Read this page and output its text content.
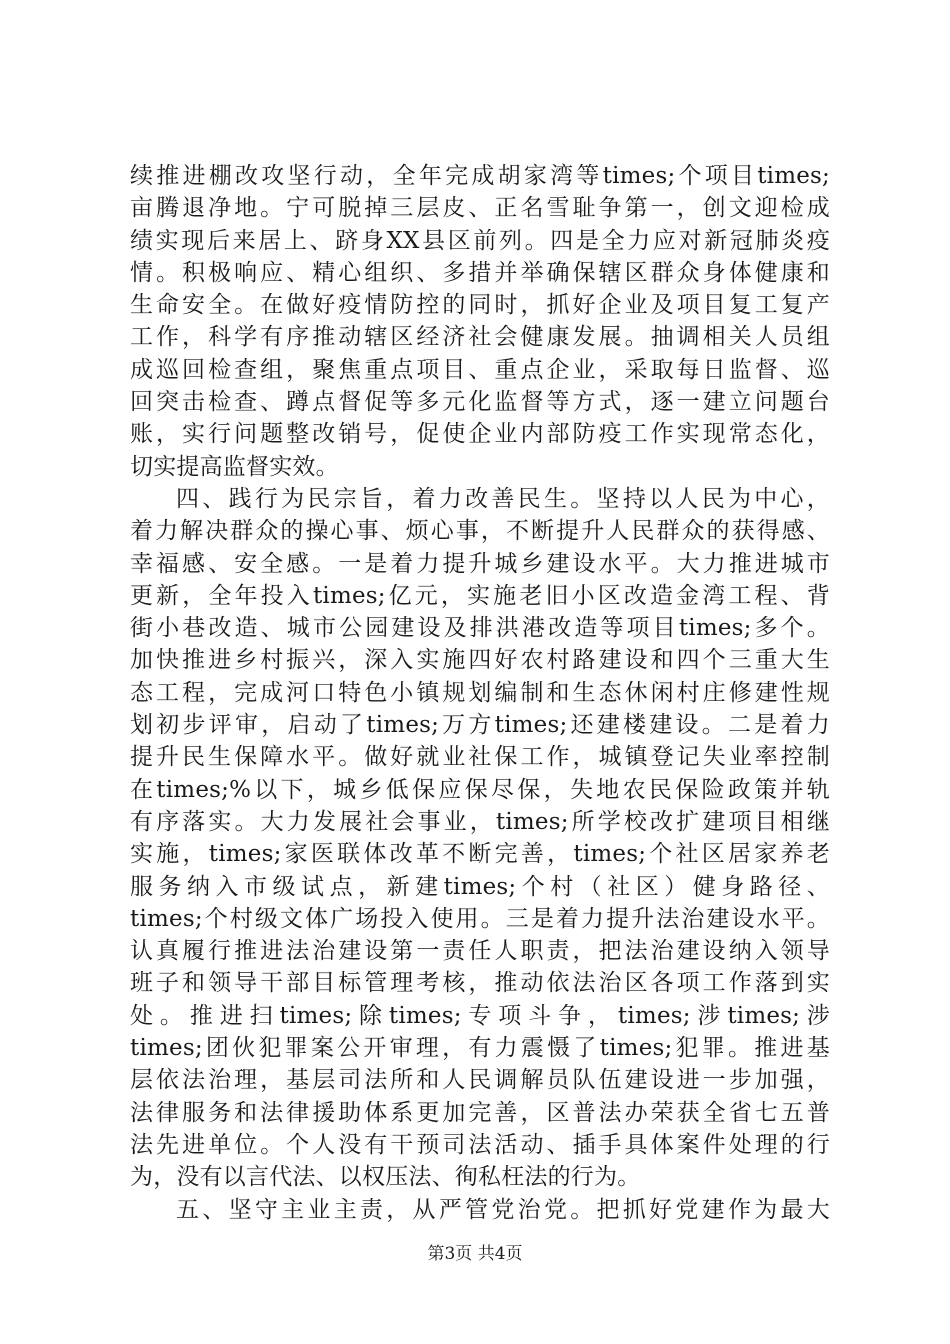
续推进棚改攻坚行动，全年完成胡家湾等times;个项目times;
亩腾退净地。宁可脱掉三层皮、正名雪耻争第一，创文迎检成
绩实现后来居上、跻身XX县区前列。四是全力应对新冠肺炎疫
情。积极响应、精心组织、多措并举确保辖区群众身体健康和
生命安全。在做好疫情防控的同时，抓好企业及项目复工复产
工作，科学有序推动辖区经济社会健康发展。抽调相关人员组
成巡回检查组，聚焦重点项目、重点企业，采取每日监督、巡
回突击检查、蹲点督促等多元化监督等方式，逐一建立问题台
账，实行问题整改销号，促使企业内部防疫工作实现常态化，
切实提高监督实效。
四、践行为民宗旨，着力改善民生。坚持以人民为中心，
着力解决群众的操心事、烦心事，不断提升人民群众的获得感、
幸福感、安全感。一是着力提升城乡建设水平。大力推进城市
更新，全年投入times;亿元，实施老旧小区改造金湾工程、背
街小巷改造、城市公园建设及排洪港改造等项目times;多个。
加快推进乡村振兴，深入实施四好农村路建设和四个三重大生
态工程，完成河口特色小镇规划编制和生态休闲村庄修建性规
划初步评审，启动了times;万方times;还建楼建设。二是着力
提升民生保障水平。做好就业社保工作，城镇登记失业率控制
在times;%以下，城乡低保应保尽保，失地农民保险政策并轨
有序落实。大力发展社会事业，times;所学校改扩建项目相继
实施，times;家医联体改革不断完善，times;个社区居家养老
服务纳入市级试点，新建times;个村（社区）健身路径、
times;个村级文体广场投入使用。三是着力提升法治建设水平。
认真履行推进法治建设第一责任人职责，把法治建设纳入领导
班子和领导干部目标管理考核，推动依法治区各项工作落到实
处。推进扫times;除times;专项斗争，times;涉times;涉
times;团伙犯罪案公开审理，有力震慑了times;犯罪。推进基
层依法治理，基层司法所和人民调解员队伍建设进一步加强，
法律服务和法律援助体系更加完善，区普法办荣获全省七五普
法先进单位。个人没有干预司法活动、插手具体案件处理的行
为，没有以言代法、以权压法、徇私枉法的行为。
五、坚守主业主责，从严管党治党。把抓好党建作为最大
第3页 共4页
